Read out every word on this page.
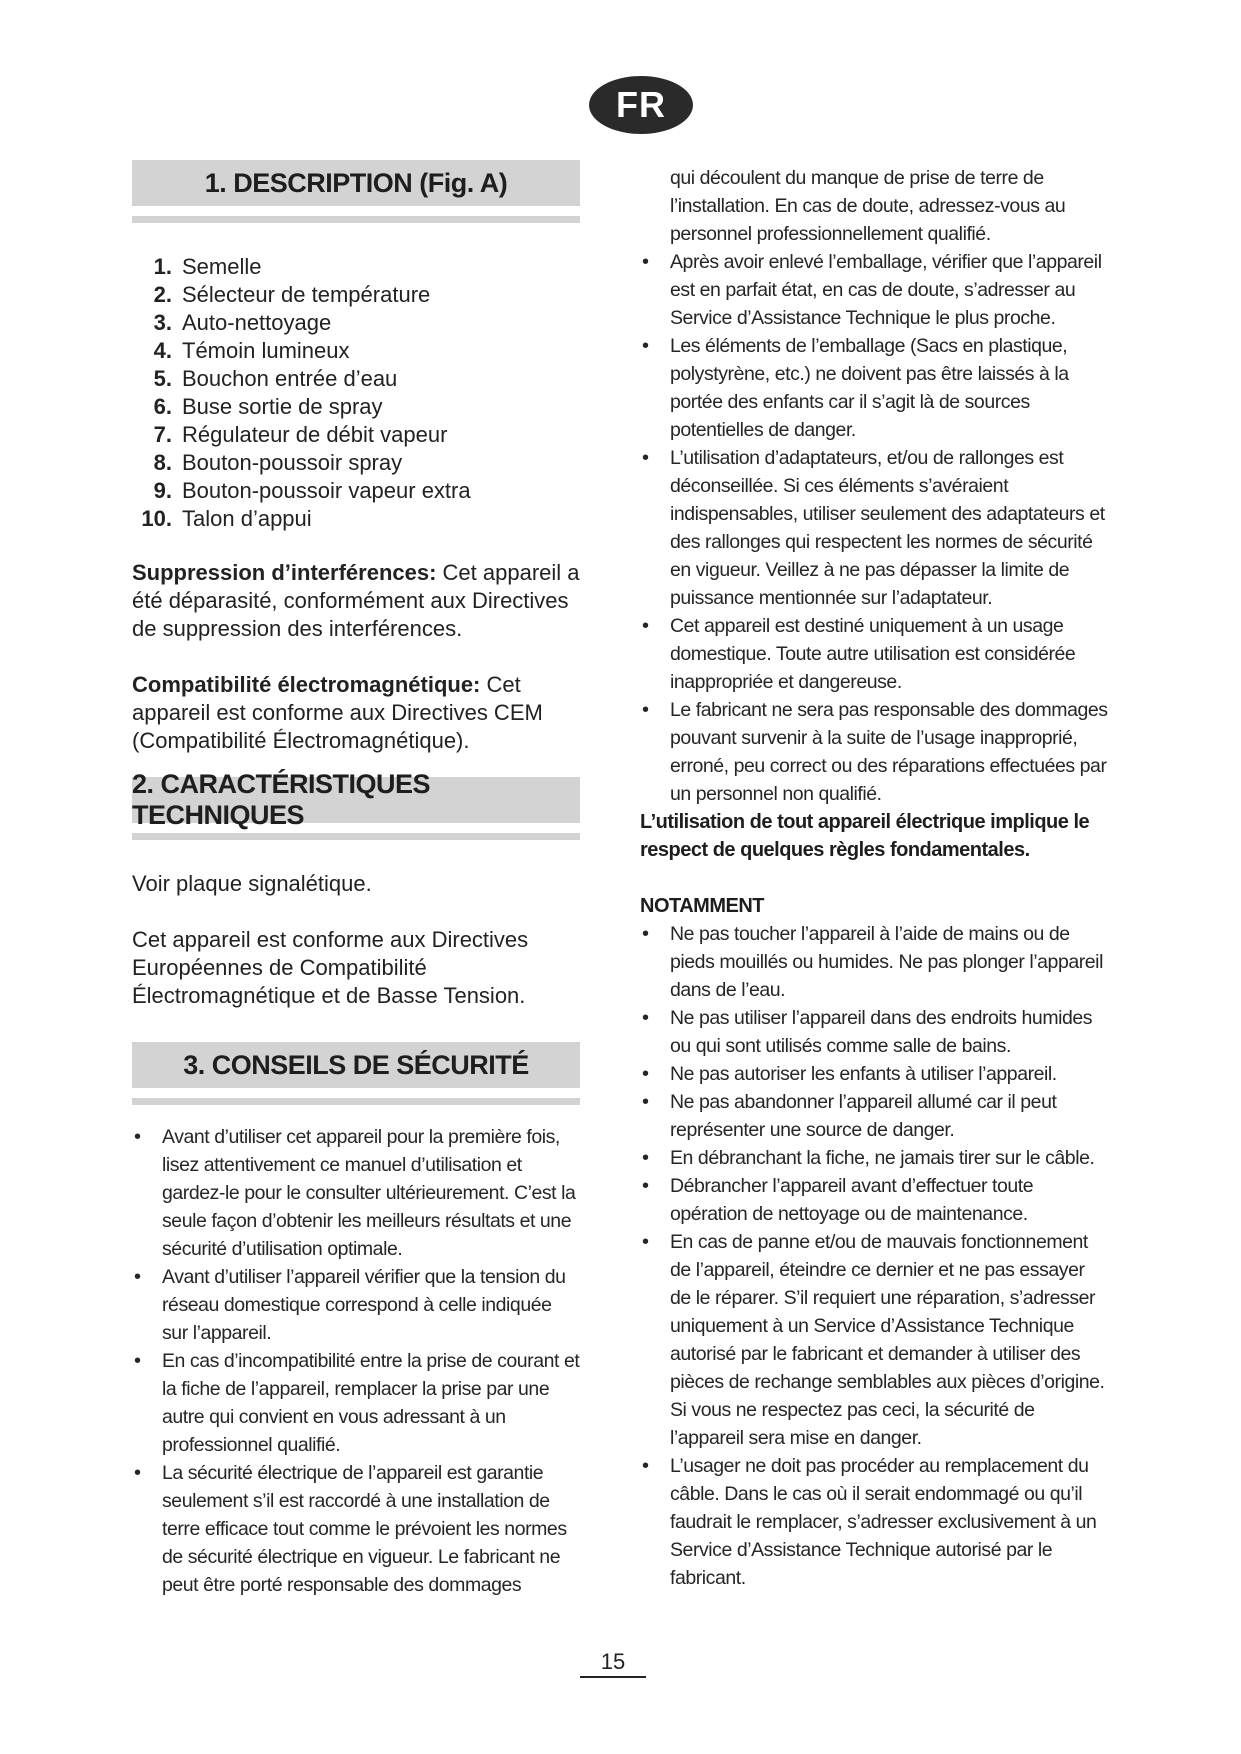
FR
1. DESCRIPTION (Fig. A)
1. Semelle
2. Sélecteur de température
3. Auto-nettoyage
4. Témoin lumineux
5. Bouchon entrée d’eau
6. Buse sortie de spray
7. Régulateur de débit vapeur
8. Bouton-poussoir spray
9. Bouton-poussoir vapeur extra
10. Talon d’appui

Suppression d’interférences: Cet appareil a été déparasité, conformément aux Directives de suppression des interférences.

Compatibilité électromagnétique: Cet appareil est conforme aux Directives CEM (Compatibilité Électromagnétique).

2. CARACTÉRISTIQUES TECHNIQUES

Voir plaque signalétique.

Cet appareil est conforme aux Directives Européennes de Compatibilité Électromagnétique et de Basse Tension.

3. CONSEILS DE SÉCURITÉ
• Avant d’utiliser cet appareil pour la première fois, lisez attentivement ce manuel d’utilisation et gardez-le pour le consulter ultérieurement. C’est la seule façon d’obtenir les meilleurs résultats et une sécurité d’utilisation optimale.
• Avant d’utiliser l’appareil vérifier que la tension du réseau domestique correspond à celle indiquée sur l’appareil.
• En cas d’incompatibilité entre la prise de courant et la fiche de l’appareil, remplacer la prise par une autre qui convient en vous adressant à un professionnel qualifié.
• La sécurité électrique de l’appareil est garantie seulement s’il est raccordé à une installation de terre efficace tout comme le prévoient les normes de sécurité électrique en vigueur. Le fabricant ne peut être porté responsable des dommages

qui découlent du manque de prise de terre de l’installation. En cas de doute, adressez-vous au personnel professionnellement qualifié.

• Après avoir enlevé l’emballage, vérifier que l’appareil est en parfait état, en cas de doute, s’adresser au Service d’Assistance Technique le plus proche.
• Les éléments de l’emballage (Sacs en plastique, polystyrène, etc.) ne doivent pas être laissés à la portée des enfants car il s’agit là de sources potentielles de danger.
• L’utilisation d’adaptateurs, et/ou de rallonges est déconseillée. Si ces éléments s’avéraient indispensables, utiliser seulement des adaptateurs et des rallonges qui respectent les normes de sécurité en vigueur. Veillez à ne pas dépasser la limite de puissance mentionnée sur l’adaptateur.
• Cet appareil est destiné uniquement à un usage domestique. Toute autre utilisation est considérée inappropriée et dangereuse.
• Le fabricant ne sera pas responsable des dommages pouvant survenir à la suite de l’usage inapproprié, erroné, peu correct ou des réparations effectuées par un personnel non qualifié.

L’utilisation de tout appareil électrique implique le respect de quelques règles fondamentales.

NOTAMMENT

• Ne pas toucher l’appareil à l’aide de mains ou de pieds mouillés ou humides. Ne pas plonger l’appareil dans de l’eau.
• Ne pas utiliser l’appareil dans des endroits humides ou qui sont utilisés comme salle de bains.
• Ne pas autoriser les enfants à utiliser l’appareil.
• Ne pas abandonner l’appareil allumé car il peut représenter une source de danger.
• En débranchant la fiche, ne jamais tirer sur le câble.
• Débrancher l’appareil avant d’effectuer toute opération de nettoyage ou de maintenance.
• En cas de panne et/ou de mauvais fonctionnement de l’appareil, éteindre ce dernier et ne pas essayer de le réparer. S’il requiert une réparation, s’adresser uniquement à un Service d’Assistance Technique autorisé par le fabricant et demander à utiliser des pièces de rechange semblables aux pièces d’origine. Si vous ne respectez pas ceci, la sécurité de l’appareil sera mise en danger.
• L’usager ne doit pas procéder au remplacement du câble. Dans le cas où il serait endommagé ou qu’il faudrait le remplacer, s’adresser exclusivement à un Service d’Assistance Technique autorisé par le fabricant.
15
